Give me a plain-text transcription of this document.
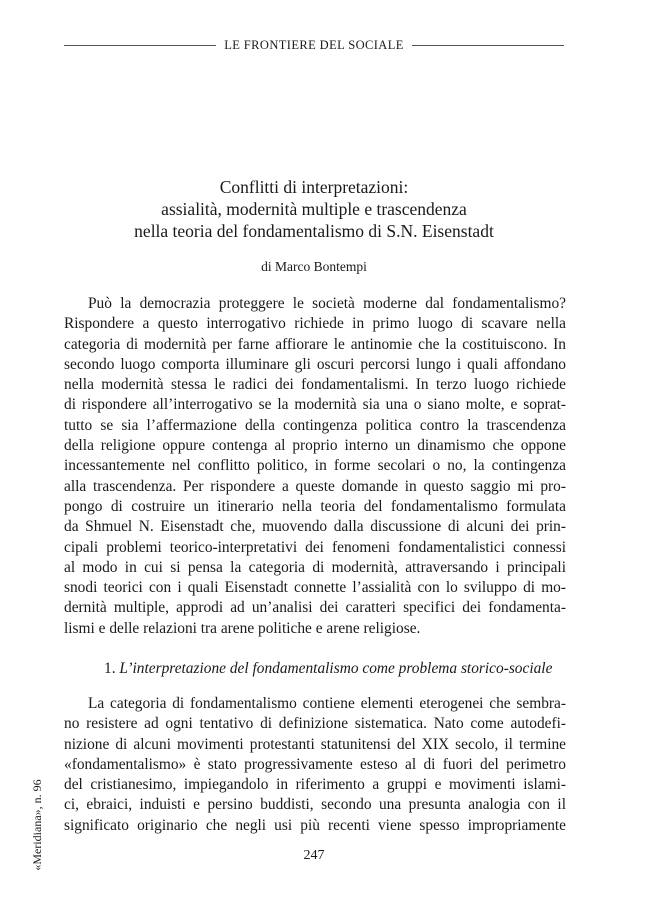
LE FRONTIERE DEL SOCIALE
Conflitti di interpretazioni:
assialità, modernità multiple e trascendenza
nella teoria del fondamentalismo di S.N. Eisenstadt
di Marco Bontempi
Può la democrazia proteggere le società moderne dal fondamentalismo?
Rispondere a questo interrogativo richiede in primo luogo di scavare nella
categoria di modernità per farne affiorare le antinomie che la costituiscono. In
secondo luogo comporta illuminare gli oscuri percorsi lungo i quali affondano
nella modernità stessa le radici dei fondamentalismi. In terzo luogo richiede
di rispondere all’interrogativo se la modernità sia una o siano molte, e soprat-
tutto se sia l’affermazione della contingenza politica contro la trascendenza
della religione oppure contenga al proprio interno un dinamismo che oppone
incessantemente nel conflitto politico, in forme secolari o no, la contingenza
alla trascendenza. Per rispondere a queste domande in questo saggio mi pro-
pongo di costruire un itinerario nella teoria del fondamentalismo formulata
da Shmuel N. Eisenstadt che, muovendo dalla discussione di alcuni dei prin-
cipali problemi teorico-interpretativi dei fenomeni fondamentalistici connessi
al modo in cui si pensa la categoria di modernità, attraversando i principali
snodi teorici con i quali Eisenstadt connette l’assialità con lo sviluppo di mo-
dernità multiple, approdi ad un’analisi dei caratteri specifici dei fondamenta-
lismi e delle relazioni tra arene politiche e arene religiose.
1. L’interpretazione del fondamentalismo come problema storico-sociale
La categoria di fondamentalismo contiene elementi eterogenei che sembra-
no resistere ad ogni tentativo di definizione sistematica. Nato come autodefi-
nizione di alcuni movimenti protestanti statunitensi del XIX secolo, il termine
«fondamentalismo» è stato progressivamente esteso al di fuori del perimetro
del cristianesimo, impiegandolo in riferimento a gruppi e movimenti islami-
ci, ebraici, induisti e persino buddisti, secondo una presunta analogia con il
significato originario che negli usi più recenti viene spesso impropriamente
«Meridiana», n. 96	247
